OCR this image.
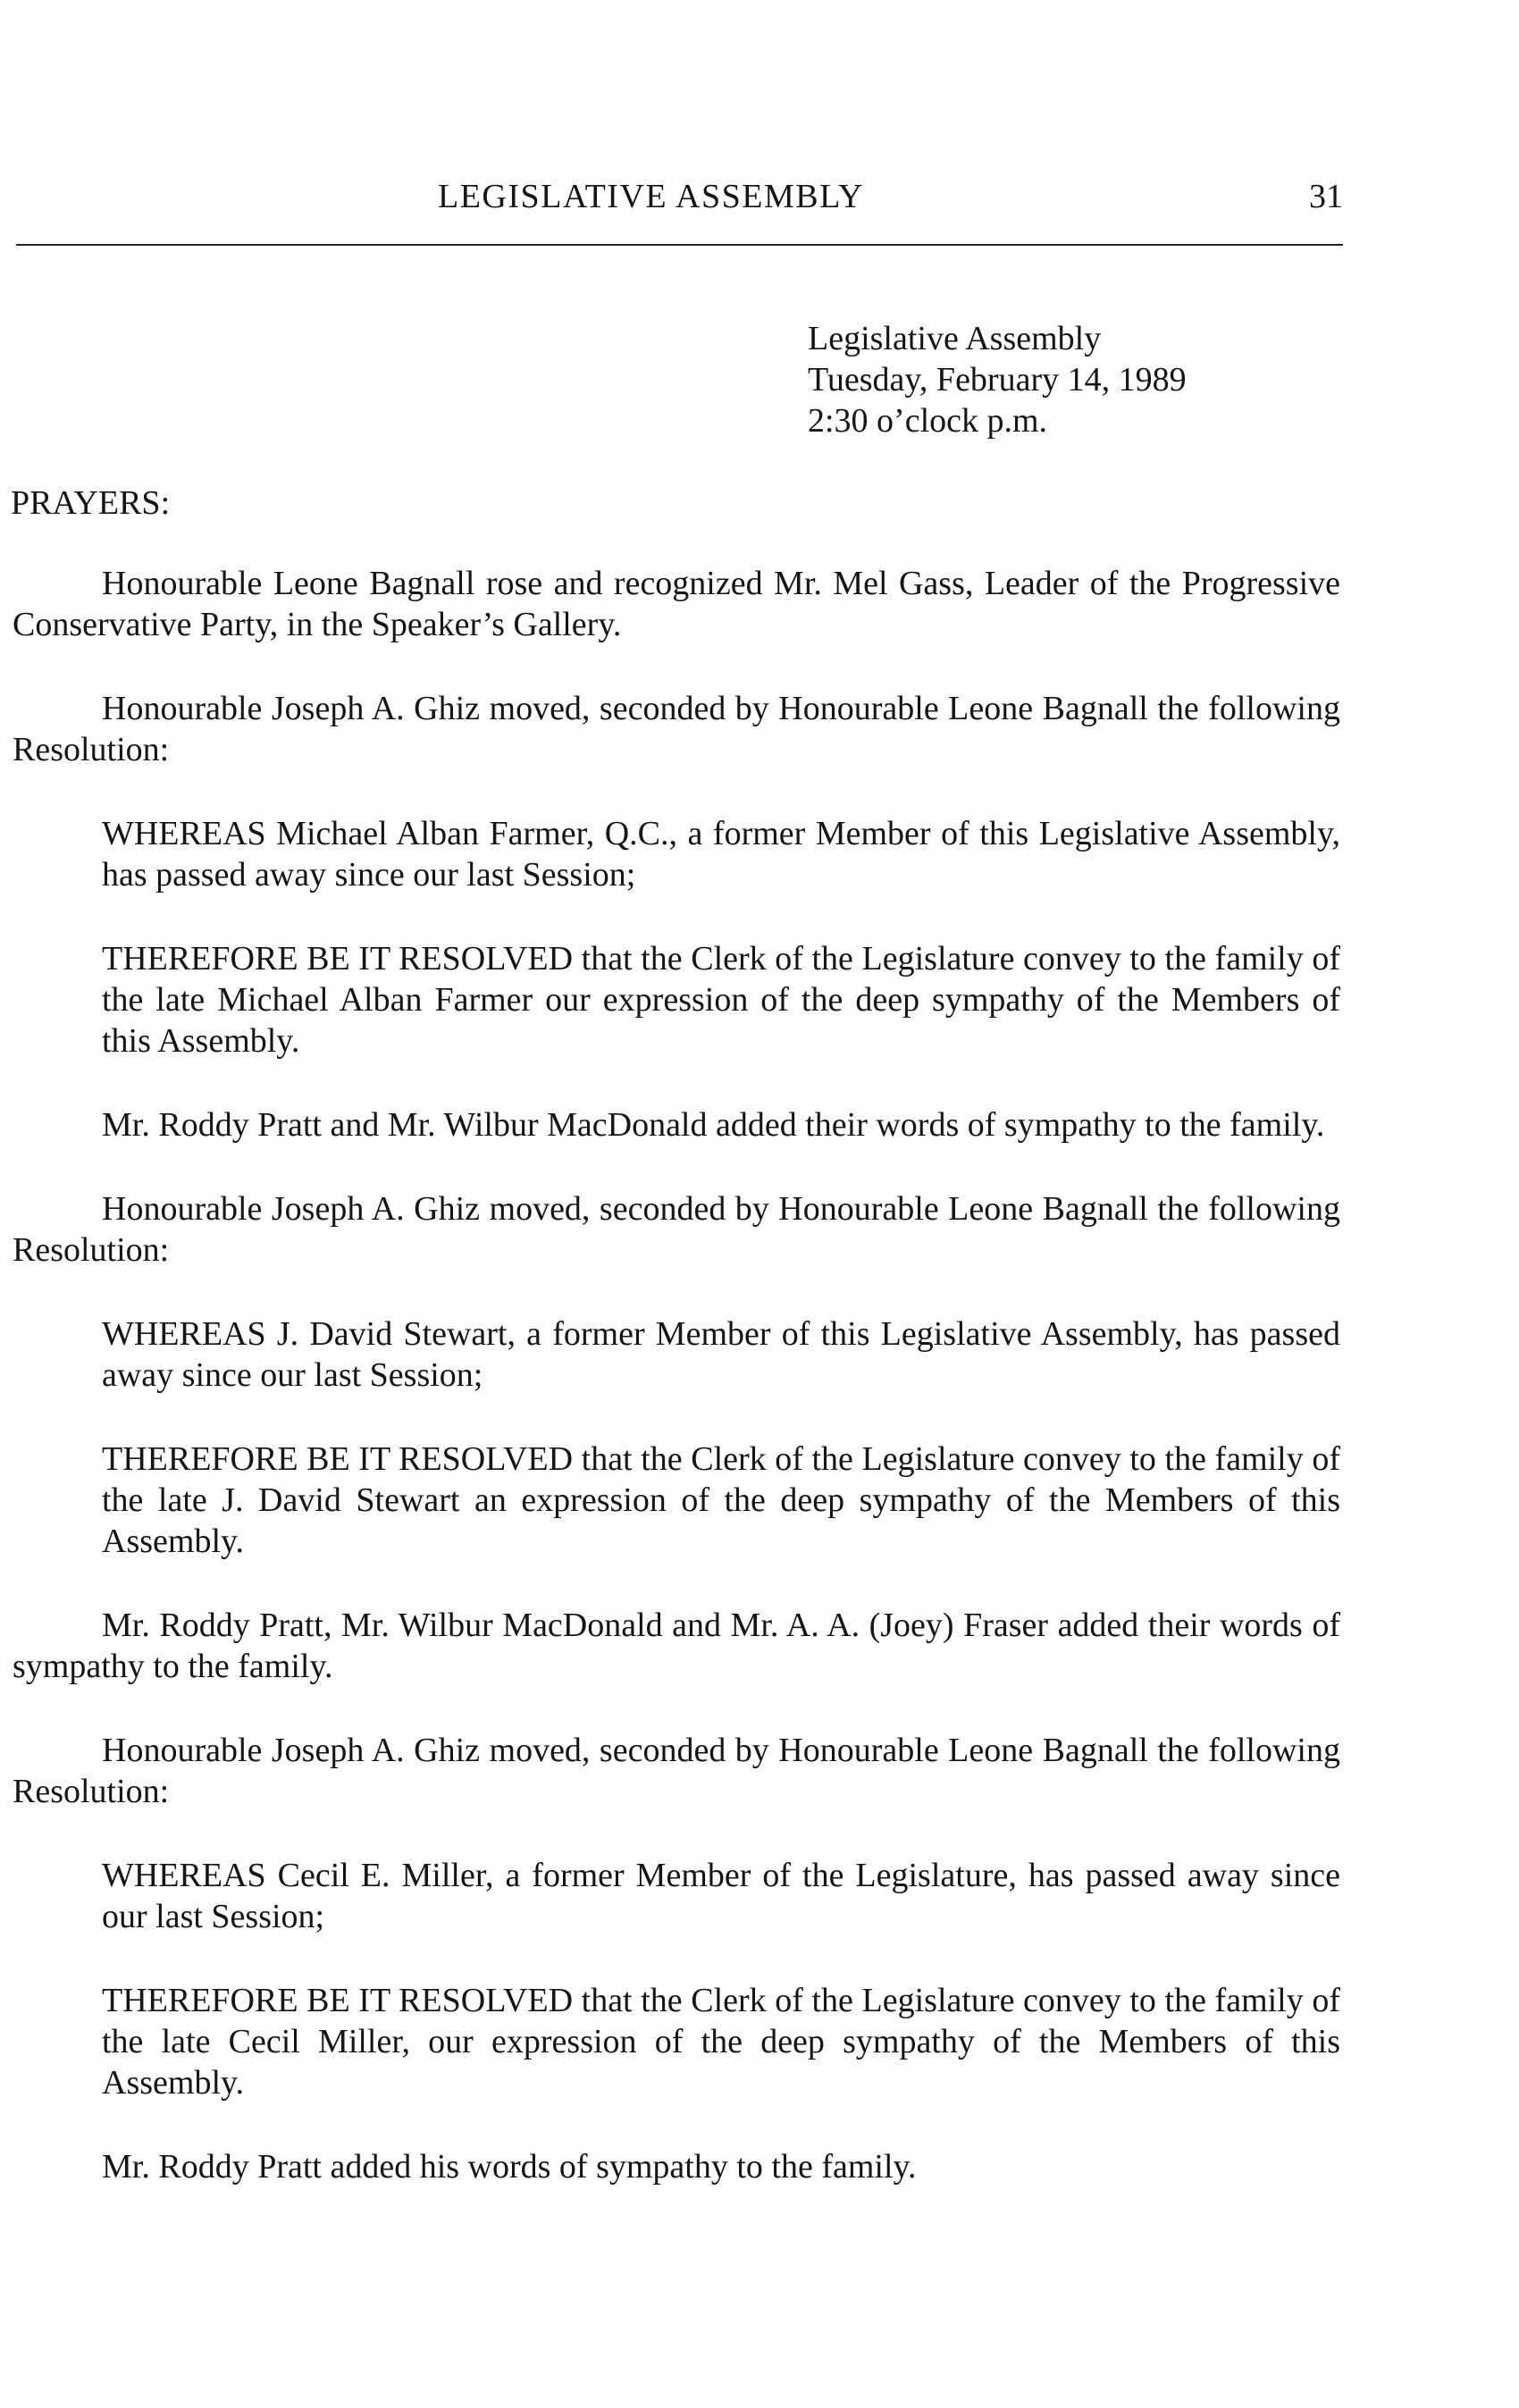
LEGISLATIVE ASSEMBLY	31
Legislative Assembly
Tuesday, February 14, 1989
2:30 o’clock p.m.
PRAYERS:

Honourable Leone Bagnall rose and recognized Mr. Mel Gass, Leader of the Progressive Conservative Party, in the Speaker’s Gallery.

Honourable Joseph A. Ghiz moved, seconded by Honourable Leone Bagnall the following Resolution:

WHEREAS Michael Alban Farmer, Q.C., a former Member of this Legislative Assembly, has passed away since our last Session;

THEREFORE BE IT RESOLVED that the Clerk of the Legislature convey to the family of the late Michael Alban Farmer our expression of the deep sympathy of the Members of this Assembly.

Mr. Roddy Pratt and Mr. Wilbur MacDonald added their words of sympathy to the family.

Honourable Joseph A. Ghiz moved, seconded by Honourable Leone Bagnall the following Resolution:

WHEREAS J. David Stewart, a former Member of this Legislative Assembly, has passed away since our last Session;

THEREFORE BE IT RESOLVED that the Clerk of the Legislature convey to the family of the late J. David Stewart an expression of the deep sympathy of the Members of this Assembly.

Mr. Roddy Pratt, Mr. Wilbur MacDonald and Mr. A. A. (Joey) Fraser added their words of sympathy to the family.

Honourable Joseph A. Ghiz moved, seconded by Honourable Leone Bagnall the following Resolution:

WHEREAS Cecil E. Miller, a former Member of the Legislature, has passed away since our last Session;

THEREFORE BE IT RESOLVED that the Clerk of the Legislature convey to the family of the late Cecil Miller, our expression of the deep sympathy of the Members of this Assembly.

Mr. Roddy Pratt added his words of sympathy to the family.
